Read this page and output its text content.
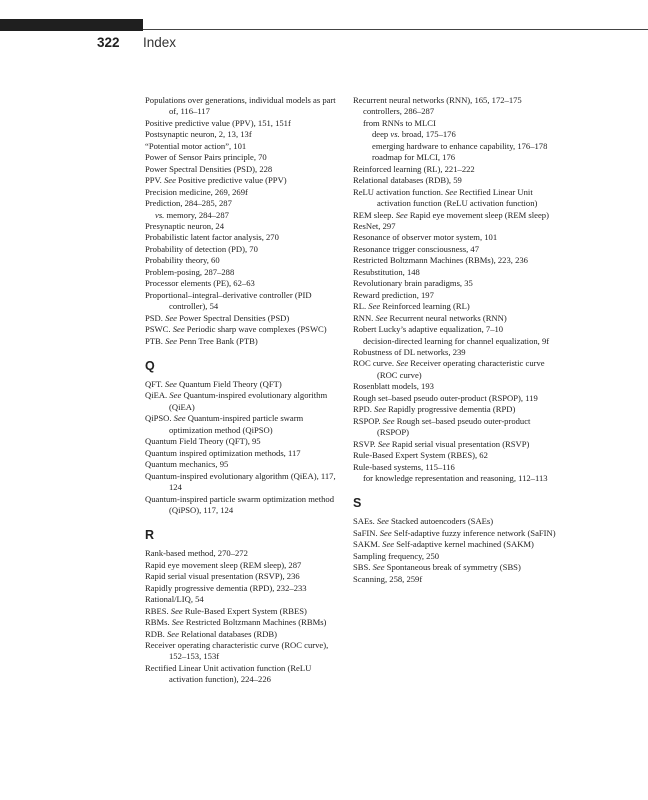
322 Index

Populations over generations, individual models as part of, 116–117

Positive predictive value (PPV), 151, 151f

Postsynaptic neuron, 2, 13, 13f

“Potential motor action”, 101

Power of Sensor Pairs principle, 70

Power Spectral Densities (PSD), 228

PPV. See Positive predictive value (PPV)

Precision medicine, 269, 269f

Prediction, 284–285, 287

vs. memory, 284–287

Presynaptic neuron, 24

Probabilistic latent factor analysis, 270

Probability of detection (PD), 70

Probability theory, 60

Problem-posing, 287–288

Processor elements (PE), 62–63

Proportional–integral–derivative controller (PID controller), 54

PSD. See Power Spectral Densities (PSD)

PSWC. See Periodic sharp wave complexes (PSWC)

PTB. See Penn Tree Bank (PTB)

Q

QFT. See Quantum Field Theory (QFT)

QiEA. See Quantum-inspired evolutionary algorithm (QiEA)

QiPSO. See Quantum-inspired particle swarm optimization method (QiPSO)

Quantum Field Theory (QFT), 95

Quantum inspired optimization methods, 117

Quantum mechanics, 95

Quantum-inspired evolutionary algorithm (QiEA), 117, 124

Quantum-inspired particle swarm optimization method (QiPSO), 117, 124

R

Rank-based method, 270–272

Rapid eye movement sleep (REM sleep), 287

Rapid serial visual presentation (RSVP), 236

Rapidly progressive dementia (RPD), 232–233

Rational/LIQ, 54

RBES. See Rule-Based Expert System (RBES)

RBMs. See Restricted Boltzmann Machines (RBMs)

RDB. See Relational databases (RDB)

Receiver operating characteristic curve (ROC curve), 152–153, 153f

Rectified Linear Unit activation function (ReLU activation function), 224–226

Recurrent neural networks (RNN), 165, 172–175

controllers, 286–287

from RNNs to MLCI

deep vs. broad, 175–176

emerging hardware to enhance capability, 176–178

roadmap for MLCI, 176

Reinforced learning (RL), 221–222

Relational databases (RDB), 59

ReLU activation function. See Rectified Linear Unit activation function (ReLU activation function)

REM sleep. See Rapid eye movement sleep (REM sleep)

ResNet, 297

Resonance of observer motor system, 101

Resonance trigger consciousness, 47

Restricted Boltzmann Machines (RBMs), 223, 236

Resubstitution, 148

Revolutionary brain paradigms, 35

Reward prediction, 197

RL. See Reinforced learning (RL)

RNN. See Recurrent neural networks (RNN)

Robert Lucky’s adaptive equalization, 7–10

decision-directed learning for channel equalization, 9f

Robustness of DL networks, 239

ROC curve. See Receiver operating characteristic curve (ROC curve)

Rosenblatt models, 193

Rough set–based pseudo outer-product (RSPOP), 119

RPD. See Rapidly progressive dementia (RPD)

RSPOP. See Rough set–based pseudo outer-product (RSPOP)

RSVP. See Rapid serial visual presentation (RSVP)

Rule-Based Expert System (RBES), 62

Rule-based systems, 115–116

for knowledge representation and reasoning, 112–113

S

SAEs. See Stacked autoencoders (SAEs)

SaFIN. See Self-adaptive fuzzy inference network (SaFIN)

SAKM. See Self-adaptive kernel machined (SAKM)

Sampling frequency, 250

SBS. See Spontaneous break of symmetry (SBS)

Scanning, 258, 259f
